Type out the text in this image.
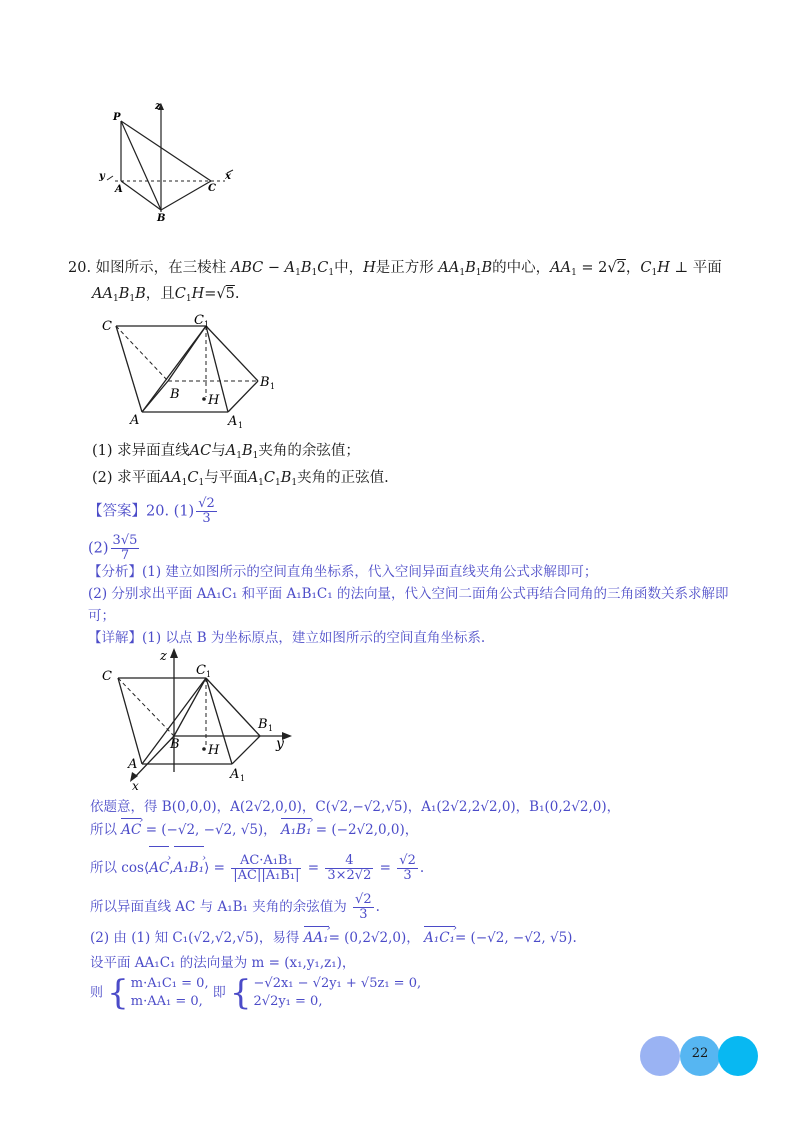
P
z
y	x
A
B
C
20. 如图所示，在三棱柱 ABC − $A_1B_1C_1$中，H是正方形 $AA_1B_1B$的中心，$AA_1 = 2√2$，$C_1H$ ⊥ 平面
$AA_1B_1B$，且$C_1H=√5$.
C	C 1
B H
B 1
A	A 1
(1) 求异面直线AC与$A_1B_1$夹角的余弦值；
(2) 求平面$AA_1C_1$与平面$A_1C_1B_1$夹角的正弦值.
【答案】20. $(1) \frac{√2}{3}$
$(2) \frac{3√5}{7}$
【分析】(1) 建立如图所示的空间直角坐标系，代入空间异面直线夹角公式求解即可；
(2) 分别求出平面 AA₁C₁ 和平面 A₁B₁C₁ 的法向量，代入空间二面角公式再结合同角的三角函数关系求解即
可；
【详解】(1) 以点 B 为坐标原点，建立如图所示的空间直角坐标系.
C
z
C 1
B 1
y
B H
A
x
A 1
依题意，得 B(0,0,0)，A(2√2,0,0)，C(√2,−√2,√5)，A₁(2√2,2√2,0)，B₁(0,2√2,0)，
所以 AC › = (−√2, −√2, √5)， A₁B₁ › = (−2√2,0,0)，
所以 cos⟨AC ›,A₁B₁ ›⟩ = $\frac{\text{AC·A₁B₁}}{\text{|AC||A₁B₁|}} = \frac{4}{3\times 2√2} = \frac{√2}{3}$ .
所以异面直线 AC 与 A₁B₁ 夹角的余弦值为 $\frac{√2}{3}$ .
(2) 由 (1) 知 C₁(√2,√2,√5)，易得 AA₁ ›= (0,2√2,0)， A₁C₁ ›= (−√2, −√2, √5).
设平面 AA₁C₁ 的法向量为 m = (x₁,y₁,z₁)，
则 { m·A₁C₁ = 0,
m·AA₁ = 0,
即 { −√2x₁ − √2y₁ + √5z₁ = 0,
2√2y₁ = 0,
22
